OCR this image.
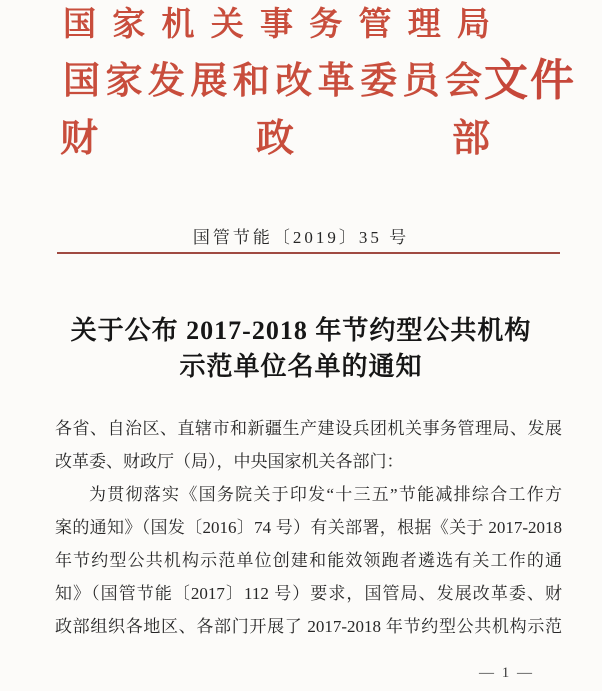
国 家 机 关 事 务 管 理 局
国 家 发 展 和 改 革 委 员 会 文件
财	政	部
国管节能〔2019〕35 号
关于公布 2017-2018 年节约型公共机构
示范单位名单的通知
各省、自治区、直辖市和新疆生产建设兵团机关事务管理局、发展
改革委、财政厅（局），中央国家机关各部门：
为贯彻落实《国务院关于印发“十三五”节能减排综合工作方
案的通知》（国发〔2016〕74 号）有关部署，根据《关于 2017-2018
年节约型公共机构示范单位创建和能效领跑者遴选有关工作的通
知》（国管节能〔2017〕112 号）要求，国管局、发展改革委、财
政部组织各地区、各部门开展了 2017-2018 年节约型公共机构示范
— 1 —
